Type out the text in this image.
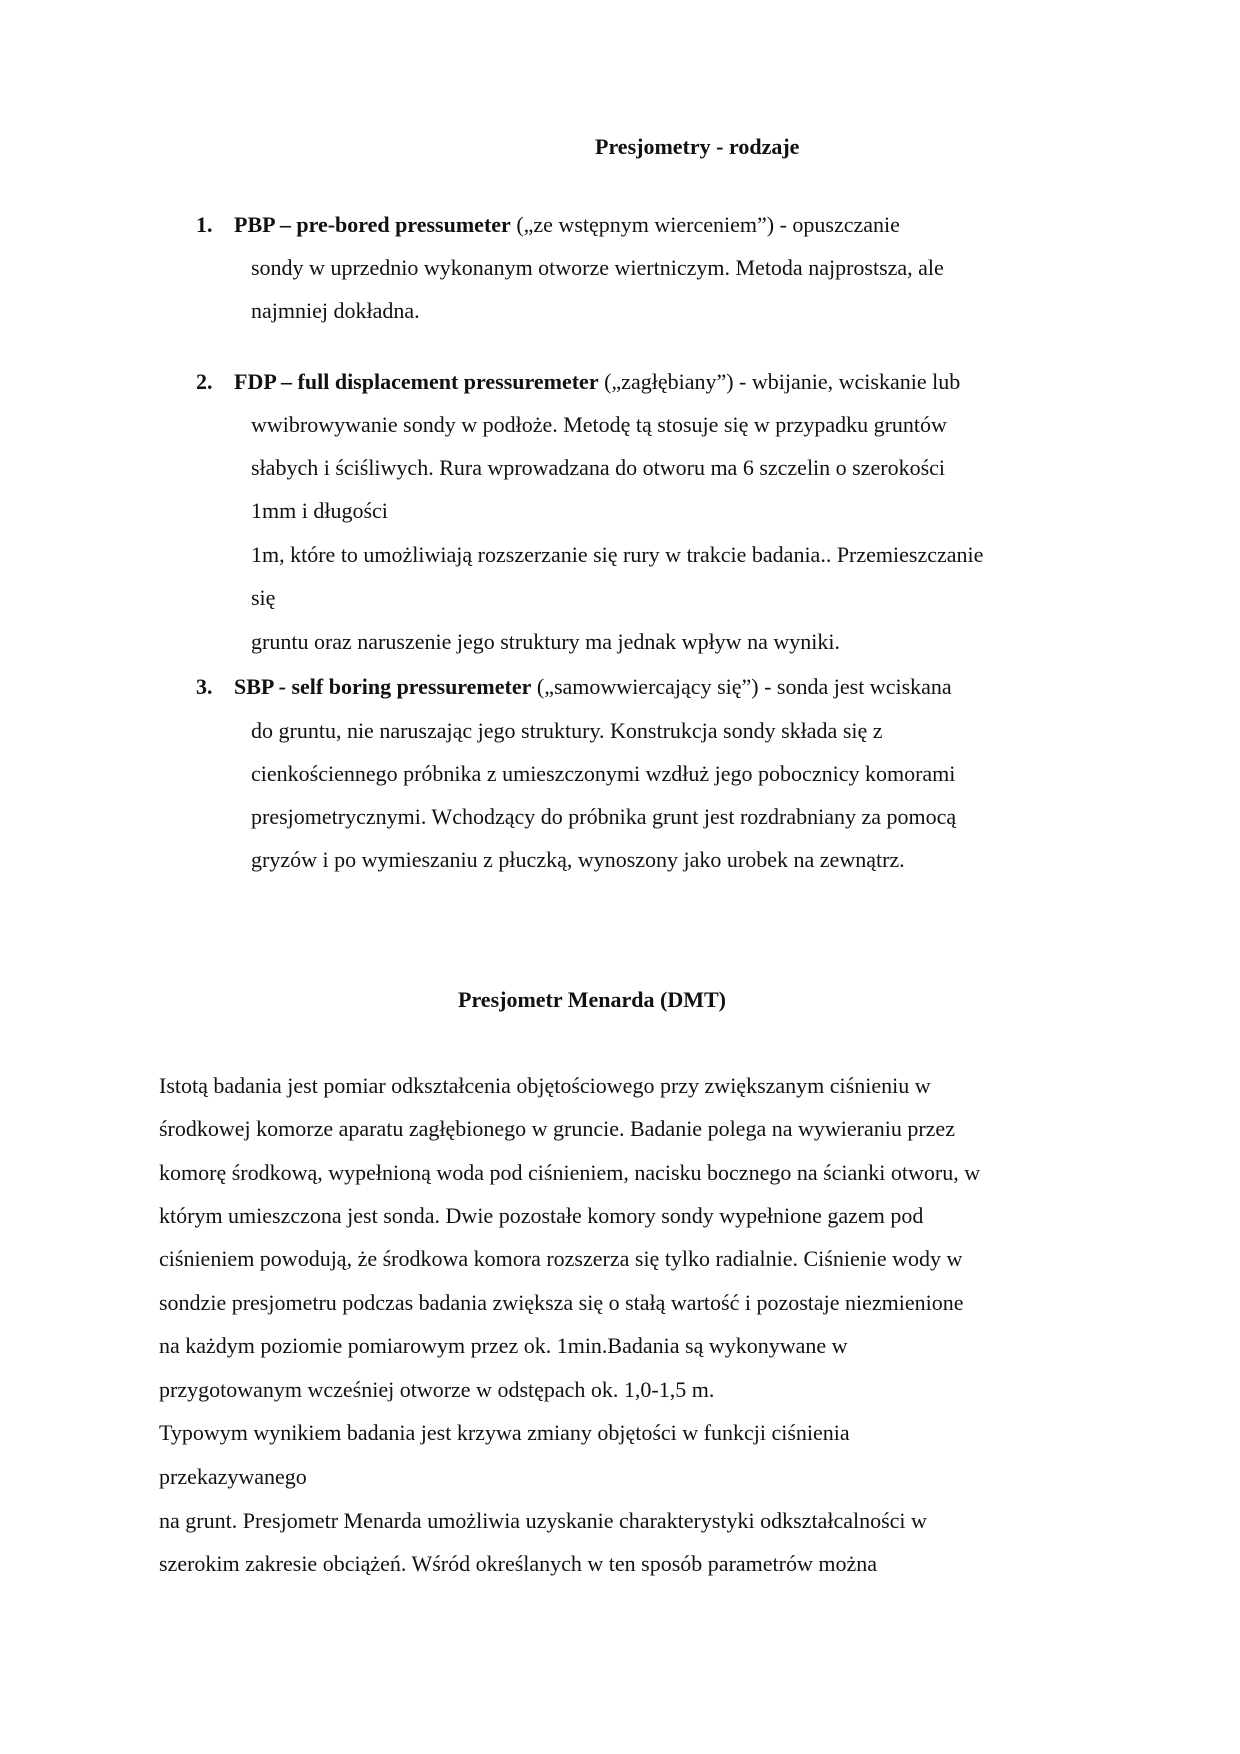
Presjometry - rodzaje
1. PBP – pre-bored pressumeter („ze wstępnym wierceniem”) - opuszczanie

sondy w uprzednio wykonanym otworze wiertniczym. Metoda najprostsza, ale

najmniej dokładna.

2. FDP – full displacement pressuremeter („zagłębiany”) - wbijanie, wciskanie lub

wwibrowywanie sondy w podłoże. Metodę tą stosuje się w przypadku gruntów

słabych i ściśliwych. Rura wprowadzana do otworu ma 6 szczelin o szerokości

1mm i długości

1m, które to umożliwiają rozszerzanie się rury w trakcie badania.. Przemieszczanie

się

gruntu oraz naruszenie jego struktury ma jednak wpływ na wyniki.

3. SBP - self boring pressuremeter („samowwiercający się”) - sonda jest wciskana

do gruntu, nie naruszając jego struktury. Konstrukcja sondy składa się z

cienkościennego próbnika z umieszczonymi wzdłuż jego pobocznicy komorami

presjometrycznymi. Wchodzący do próbnika grunt jest rozdrabniany za pomocą

gryzów i po wymieszaniu z płuczką, wynoszony jako urobek na zewnątrz.

Presjometr Menarda (DMT)

Istotą badania jest pomiar odkształcenia objętościowego przy zwiększanym ciśnieniu w

środkowej komorze aparatu zagłębionego w gruncie. Badanie polega na wywieraniu przez

komorę środkową, wypełnioną woda pod ciśnieniem, nacisku bocznego na ścianki otworu, w

którym umieszczona jest sonda. Dwie pozostałe komory sondy wypełnione gazem pod

ciśnieniem powodują, że środkowa komora rozszerza się tylko radialnie. Ciśnienie wody w

sondzie presjometru podczas badania zwiększa się o stałą wartość i pozostaje niezmienione

na każdym poziomie pomiarowym przez ok. 1min.Badania są wykonywane w

przygotowanym wcześniej otworze w odstępach ok. 1,0-1,5 m.

Typowym wynikiem badania jest krzywa zmiany objętości w funkcji ciśnienia

przekazywanego

na grunt. Presjometr Menarda umożliwia uzyskanie charakterystyki odkształcalności w

szerokim zakresie obciążeń. Wśród określanych w ten sposób parametrów można
